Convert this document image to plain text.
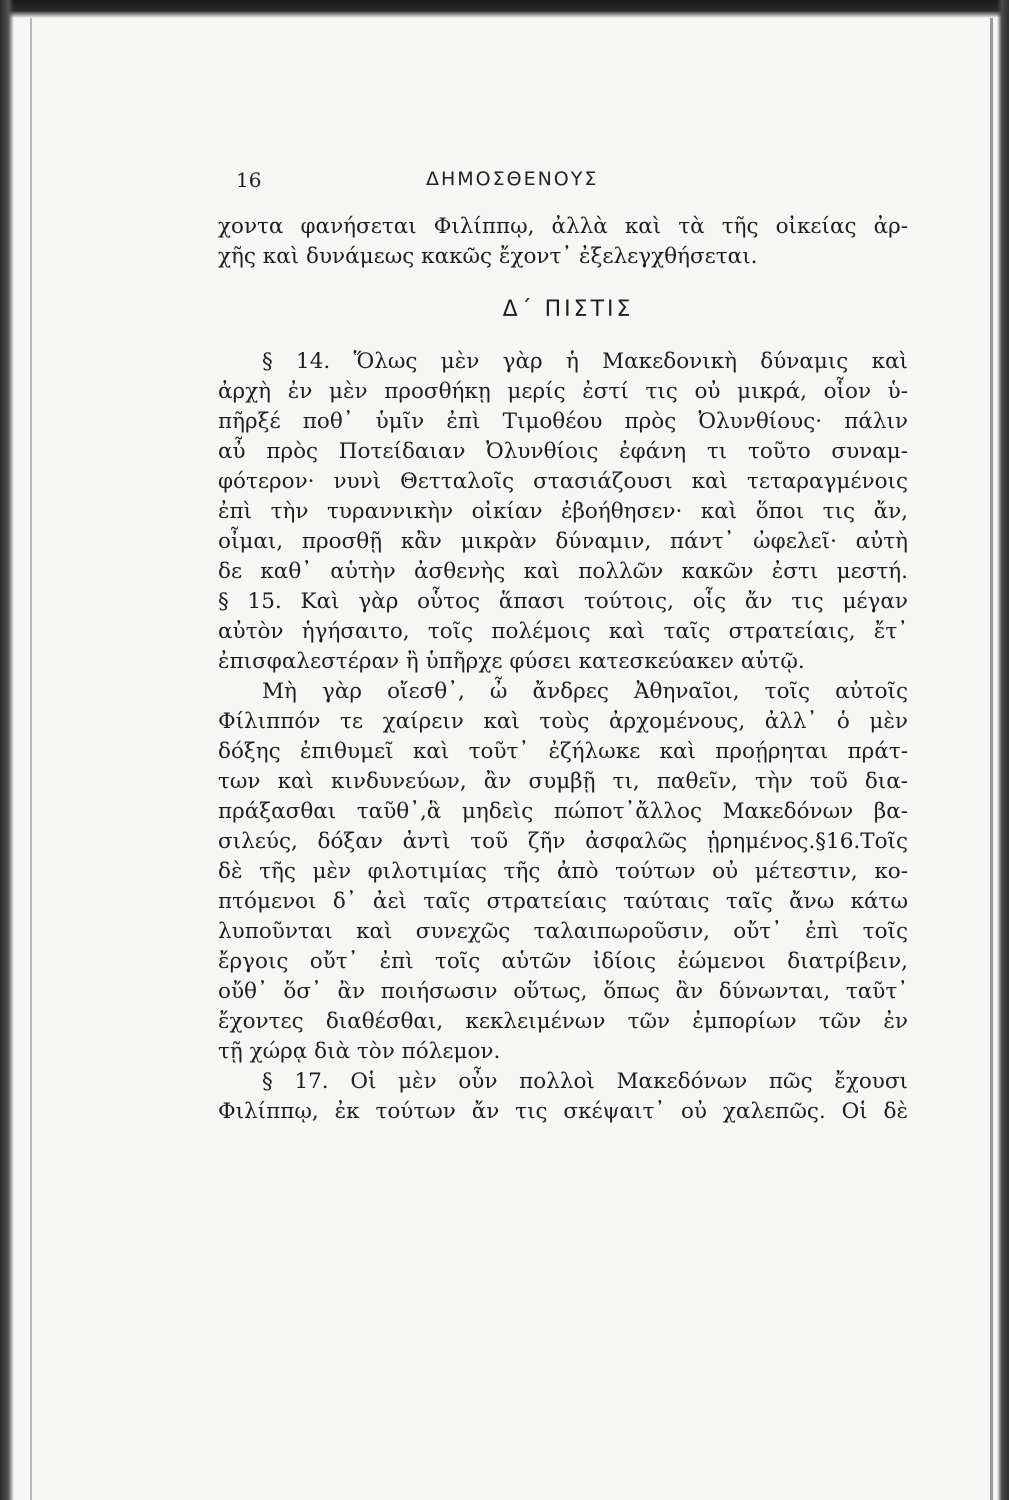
16	ΔΗΜΟΣΘΕΝΟΥΣ
χοντα φανήσεται Φιλίππῳ, ἀλλὰ καὶ τὰ τῆς οἰκείας ἀρ-
χῆς καὶ δυνάμεως κακῶς ἔχοντ᾽ ἐξελεγχθήσεται.
Δ΄ ΠΙΣΤΙΣ
§ 14. Ὅλως μὲν γὰρ ἡ Μακεδονικὴ δύναμις καὶ
ἀρχὴ ἐν μὲν προσθήκῃ μερίς ἐστί τις οὐ μικρά, οἷον ὑ-
πῆρξέ ποθ᾽ ὑμῖν ἐπὶ Τιμοθέου πρὸς Ὀλυνθίους· πάλιν
αὖ πρὸς Ποτείδαιαν Ὀλυνθίοις ἐφάνη τι τοῦτο συναμ-
φότερον· νυνὶ Θετταλοῖς στασιάζουσι καὶ τεταραγμένοις
ἐπὶ τὴν τυραννικὴν οἰκίαν ἐβοήθησεν· καὶ ὅποι τις ἄν,
οἶμαι, προσθῇ κἂν μικρὰν δύναμιν, πάντ᾽ ὠφελεῖ· αὐτὴ
δε καθ᾽ αὑτὴν ἀσθενὴς καὶ πολλῶν κακῶν ἐστι μεστή.
§ 15. Καὶ γὰρ οὗτος ἅπασι τούτοις, οἷς ἄν τις μέγαν
αὐτὸν ἡγήσαιτο, τοῖς πολέμοις καὶ ταῖς στρατείαις, ἔτ᾽
ἐπισφαλεστέραν ἢ ὑπῆρχε φύσει κατεσκεύακεν αὑτῷ.
Μὴ γὰρ οἴεσθ᾽, ὦ ἄνδρες Ἀθηναῖοι, τοῖς αὐτοῖς
Φίλιππόν τε χαίρειν καὶ τοὺς ἀρχομένους, ἀλλ᾽ ὁ μὲν
δόξης ἐπιθυμεῖ καὶ τοῦτ᾽ ἐζήλωκε καὶ προῄρηται πράτ-
των καὶ κινδυνεύων, ἂν συμβῇ τι, παθεῖν, τὴν τοῦ δια-
πράξασθαι ταῦθ᾽,ἃ μηδεὶς πώποτ᾽ἄλλος Μακεδόνων βα-
σιλεύς, δόξαν ἀντὶ τοῦ ζῆν ἀσφαλῶς ᾑρημένος.§16.Τοῖς
δὲ τῆς μὲν φιλοτιμίας τῆς ἀπὸ τούτων οὐ μέτεστιν, κο-
πτόμενοι δ᾽ ἀεὶ ταῖς στρατείαις ταύταις ταῖς ἄνω κάτω
λυποῦνται καὶ συνεχῶς ταλαιπωροῦσιν, οὔτ᾽ ἐπὶ τοῖς
ἔργοις οὔτ᾽ ἐπὶ τοῖς αὑτῶν ἰδίοις ἐώμενοι διατρίβειν,
οὔθ᾽ ὅσ᾽ ἂν ποιήσωσιν οὕτως, ὅπως ἂν δύνωνται, ταῦτ᾽
ἔχοντες διαθέσθαι, κεκλειμένων τῶν ἐμπορίων τῶν ἐν
τῇ χώρᾳ διὰ τὸν πόλεμον.
§ 17. Οἱ μὲν οὖν πολλοὶ Μακεδόνων πῶς ἔχουσι
Φιλίππῳ, ἐκ τούτων ἄν τις σκέψαιτ᾽ οὐ χαλεπῶς. Οἱ δὲ
